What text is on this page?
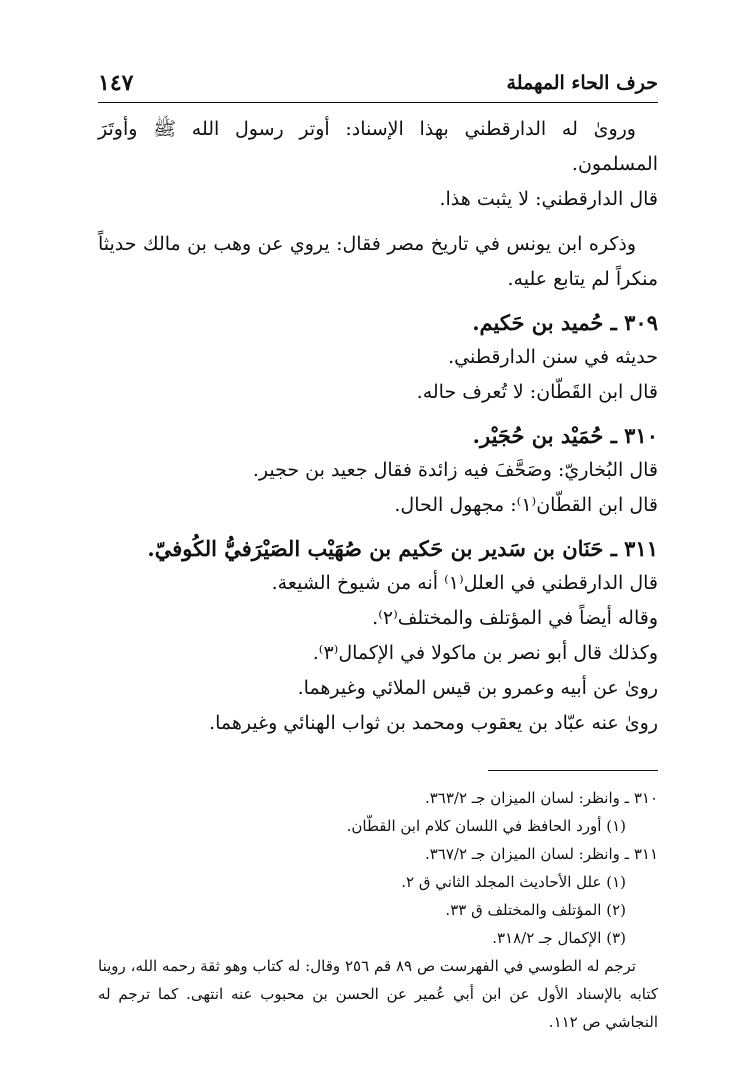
حرف الحاء المهملة
١٤٧

وروىٰ له الدارقطني بهذا الإسناد: أوتر رسول الله ﷺ وأوتَرَ المسلمون.

قال الدارقطني: لا يثبت هذا.

وذكره ابن يونس في تاريخ مصر فقال: يروي عن وهب بن مالك حديثاً منكراً لم يتابع عليه.

٣٠٩ ـ حُميد بن حَكيم.

حديثه في سنن الدارقطني.

قال ابن القَطّان: لا تُعرف حاله.

٣١٠ ـ حُمَيْد بن حُجَيْر.

قال البُخاريّ: وصَحَّفَ فيه زائدة فقال جعيد بن حجير.

قال ابن القطّان⁽١⁾: مجهول الحال.

٣١١ ـ حَنَان بن سَدير بن حَكيم بن صُهَيْب الصَيْرَفيُّ الكُوفيّ.

قال الدارقطني في العلل⁽١⁾ أنه من شيوخ الشيعة.

وقاله أيضاً في المؤتلف والمختلف⁽٢⁾.

وكذلك قال أبو نصر بن ماكولا في الإكمال⁽٣⁾.

روىٰ عن أبيه وعمرو بن قيس الملائي وغيرهما.

روىٰ عنه عبّاد بن يعقوب ومحمد بن ثواب الهنائي وغيرهما.

٣١٠ ـ وانظر: لسان الميزان جـ ٣٦٣/٢.

(١) أورد الحافظ في اللسان كلام ابن القطّان.

٣١١ ـ وانظر: لسان الميزان جـ ٣٦٧/٢.

(١) علل الأحاديث المجلد الثاني ق ٢.

(٢) المؤتلف والمختلف ق ٣٣.

(٣) الإكمال جـ ٣١٨/٢.

ترجم له الطوسي في الفهرست ص ٨٩ قم ٢٥٦ وقال: له كتاب وهو ثقة رحمه الله، روينا كتابه بالإسناد الأول عن ابن أبي عُمير عن الحسن بن محبوب عنه انتهى. كما ترجم له النجاشي ص ١١٢.
